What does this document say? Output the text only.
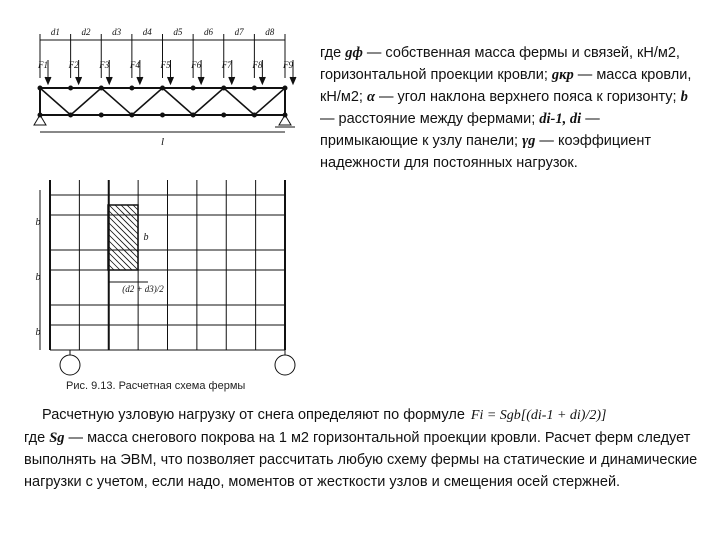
d1 d2 d3 d4 d5 d6 d7 d8
F1 F2 F3 F4 F5 F6 F7 F8 F9
l
b
b
b
b
(d2 + d3)/2
Рис. 9.13. Расчетная схема фермы
где gф — собственная масса фермы и связей, кН/м2, горизонтальной проекции кровли; gкр — масса кровли, кН/м2; α — угол наклона верхнего пояса к горизонту; b — расстояние между фермами; di-1, di — примыкающие к узлу панели; γg — коэффициент надежности для постоянных нагрузок.
Расчетную узловую нагрузку от снега определяют по формуле Fi = Sgb[(di-1 + di)/2)]
где Sg — масса снегового покрова на 1 м2 горизонтальной проекции кровли. Расчет ферм следует выполнять на ЭВМ, что позволяет рассчитать любую схему фермы на статические и динамические нагрузки с учетом, если надо, моментов от жесткости узлов и смещения осей стержней.
